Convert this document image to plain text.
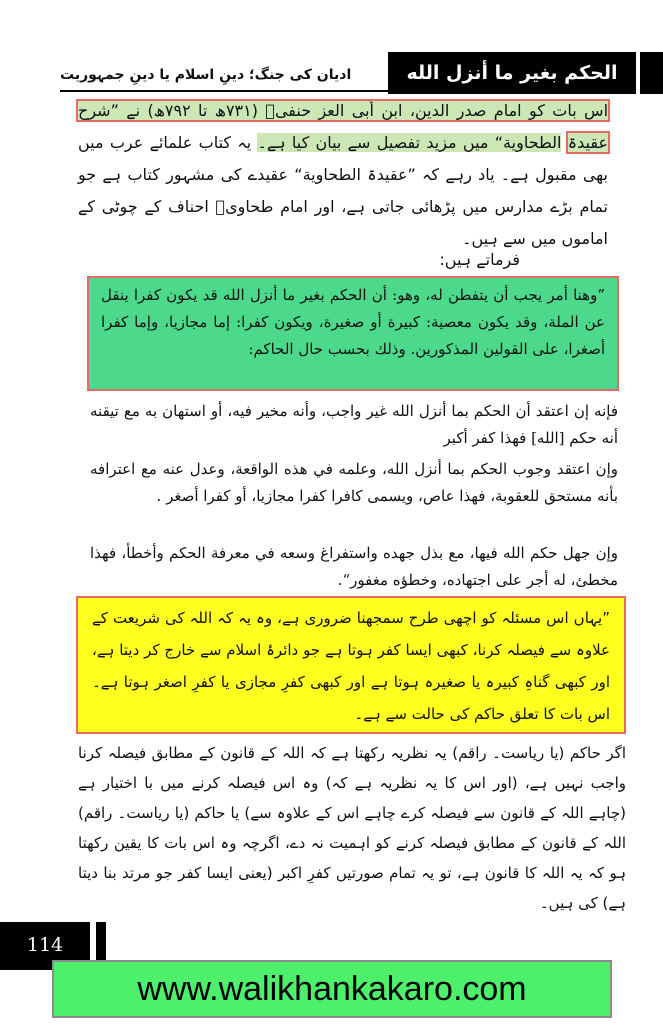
الحكم بغير ما أنزل الله
ادیان کی جنگ؛ دینِ اسلام یا دینِ جمہوریت
اس بات کو امام صدر الدین، ابن أبی العز حنفیؒ (۷۳۱ھ تا ۷۹۲ھ) نے ”شرح عقیدۃ الطحاویة“ میں مزید تفصیل سے بیان کیا ہے۔ یہ کتاب علمائے عرب میں بھی مقبول ہے۔ یاد رہے کہ ”عقیدۃ الطحاویة“ عقیدے کی مشہور کتاب ہے جو تمام بڑے مدارس میں پڑھائی جاتی ہے، اور امام طحاویؒ احناف کے چوٹی کے اماموں میں سے ہیں۔
فرماتے ہیں:
”وهنا أمر يجب أن يتفطن له، وهو: أن الحكم بغير ما أنزل الله قد يكون كفرا ينقل عن الملة، وقد يكون معصية: كبيرة أو صغيرة، ويكون كفرا: إما مجازيا، وإما كفرا أصغرا، على القولين المذكورين. وذلك بحسب حال الحاكم:
فإنه إن اعتقد أن الحكم بما أنزل الله غير واجب، وأنه مخير فيه، أو استهان به مع تيقنه أنه حكم [الله] فهذا كفر أكبر
وإن اعتقد وجوب الحكم بما أنزل الله، وعلمه في هذه الواقعة، وعدل عنه مع اعترافه بأنه مستحق للعقوبة، فهذا عاص، ويسمى كافرا كفرا مجازيا، أو كفرا أصغر .
وإن جهل حكم الله فيها، مع بذل جهده واستفراغ وسعه في معرفة الحكم وأخطأ، فهذا مخطئ، له أجر على اجتهاده، وخطؤه مغفور“.
”یہاں اس مسئلہ کو اچھی طرح سمجھنا ضروری ہے، وہ یہ کہ اللہ کی شریعت کے علاوہ سے فیصلہ کرنا، کبھی ایسا کفر ہوتا ہے جو دائرۂ اسلام سے خارج کر دیتا ہے، اور کبھی گناہِ کبیرہ یا صغیرہ ہوتا ہے اور کبھی کفرِ مجازی یا کفرِ اصغر ہوتا ہے۔ اس بات کا تعلق حاکم کی حالت سے ہے۔
اگر حاکم (یا ریاست۔ راقم) یہ نظریہ رکھتا ہے کہ اللہ کے قانون کے مطابق فیصلہ کرنا واجب نہیں ہے، (اور اس کا یہ نظریہ ہے کہ) وہ اس فیصلہ کرنے میں با اختیار ہے (چاہے اللہ کے قانون سے فیصلہ کرے چاہے اس کے علاوہ سے) یا حاکم (یا ریاست۔ راقم) اللہ کے قانون کے مطابق فیصلہ کرنے کو اہمیت نہ دے، اگرچہ وہ اس بات کا یقین رکھتا ہو کہ یہ اللہ کا قانون ہے، تو یہ تمام صورتیں کفرِ اکبر (یعنی ایسا کفر جو مرتد بنا دیتا ہے) کی ہیں۔
114
www.walikhankakaro.com
